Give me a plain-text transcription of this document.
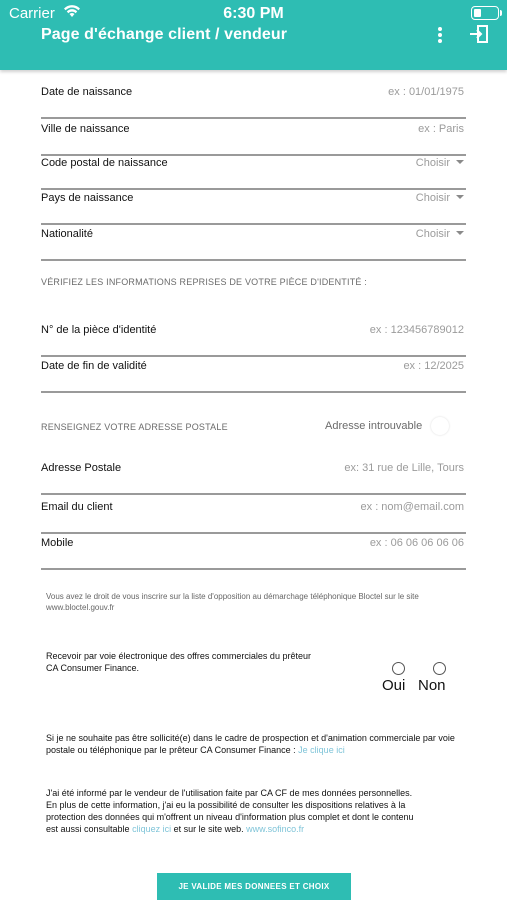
Carrier	6:30 PM
Page d'échange client / vendeur
Date de naissance	ex : 01/01/1975
Ville de naissance	ex : Paris
Code postal de naissance	Choisir
Pays de naissance	Choisir
Nationalité	Choisir
VÉRIFIEZ LES INFORMATIONS REPRISES DE VOTRE PIÈCE D'IDENTITÉ :
N° de la pièce d'identité	ex : 123456789012
Date de fin de validité	ex : 12/2025
RENSEIGNEZ VOTRE ADRESSE POSTALE	Adresse introuvable
Adresse Postale	ex: 31 rue de Lille, Tours
Email du client	ex : nom@email.com
Mobile	ex : 06 06 06 06 06
Vous avez le droit de vous inscrire sur la liste d'opposition au démarchage téléphonique Bloctel sur le site
www.bloctel.gouv.fr
Recevoir par voie électronique des offres commerciales du prêteur CA Consumer Finance.
Oui Non
Si je ne souhaite pas être sollicité(e) dans le cadre de prospection et d'animation commerciale par voie postale ou téléphonique par le prêteur CA Consumer Finance : Je clique ici
J'ai été informé par le vendeur de l'utilisation faite par CA CF de mes données personnelles. En plus de cette information, j'ai eu la possibilité de consulter les dispositions relatives à la protection des données qui m'offrent un niveau d'information plus complet et dont le contenu est aussi consultable cliquez ici et sur le site web. www.sofinco.fr
JE VALIDE MES DONNEES ET CHOIX
